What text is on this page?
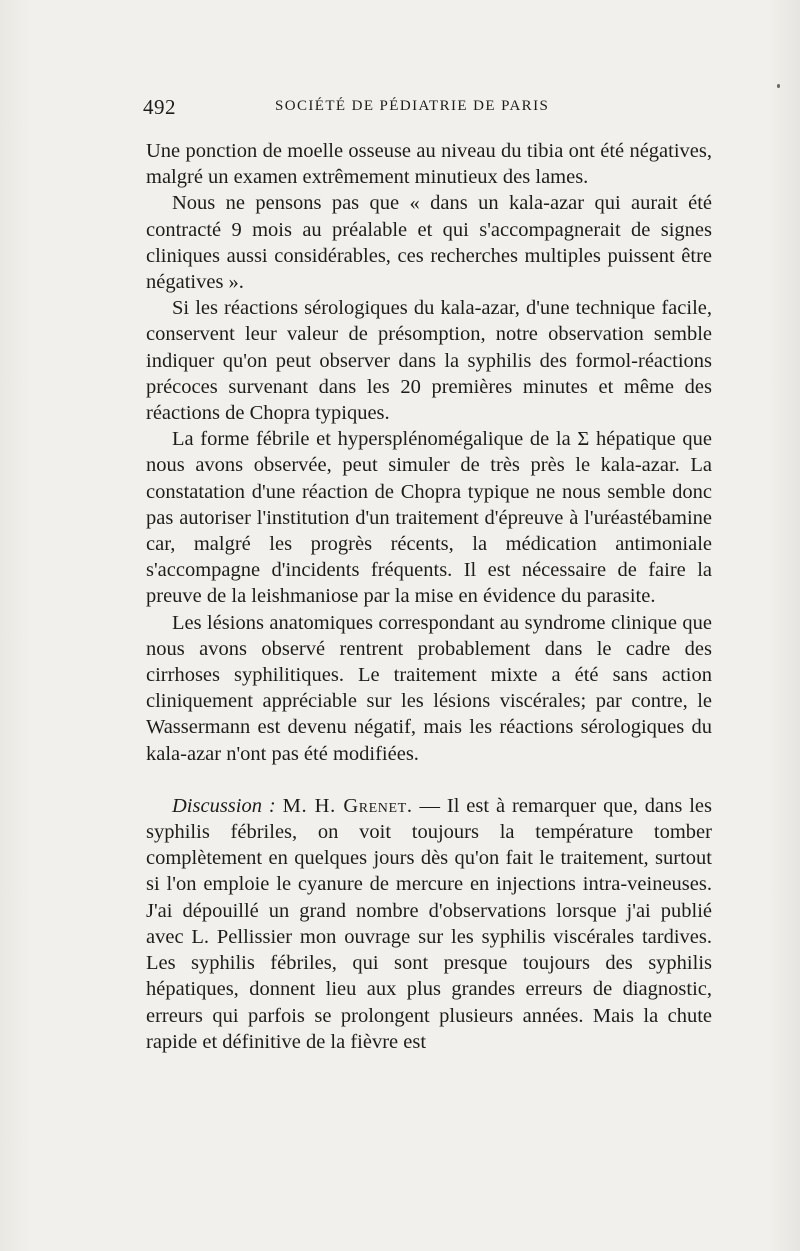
492	SOCIÉTÉ DE PÉDIATRIE DE PARIS

Une ponction de moelle osseuse au niveau du tibia ont été négatives, malgré un examen extrêmement minutieux des lames.

Nous ne pensons pas que « dans un kala-azar qui aurait été contracté 9 mois au préalable et qui s'accompagnerait de signes cliniques aussi considérables, ces recherches multiples puissent être négatives ».

Si les réactions sérologiques du kala-azar, d'une technique facile, conservent leur valeur de présomption, notre observation semble indiquer qu'on peut observer dans la syphilis des formol-réactions précoces survenant dans les 20 premières minutes et même des réactions de Chopra typiques.

La forme fébrile et hypersplénomégalique de la Σ hépatique que nous avons observée, peut simuler de très près le kala-azar. La constatation d'une réaction de Chopra typique ne nous semble donc pas autoriser l'institution d'un traitement d'épreuve à l'uréastébamine car, malgré les progrès récents, la médication antimoniale s'accompagne d'incidents fréquents. Il est nécessaire de faire la preuve de la leishmaniose par la mise en évidence du parasite.

Les lésions anatomiques correspondant au syndrome clinique que nous avons observé rentrent probablement dans le cadre des cirrhoses syphilitiques. Le traitement mixte a été sans action cliniquement appréciable sur les lésions viscérales; par contre, le Wassermann est devenu négatif, mais les réactions sérologiques du kala-azar n'ont pas été modifiées.

Discussion : M. H. Grenet. — Il est à remarquer que, dans les syphilis fébriles, on voit toujours la température tomber complètement en quelques jours dès qu'on fait le traitement, surtout si l'on emploie le cyanure de mercure en injections intra-veineuses. J'ai dépouillé un grand nombre d'observations lorsque j'ai publié avec L. Pellissier mon ouvrage sur les syphilis viscérales tardives. Les syphilis fébriles, qui sont presque toujours des syphilis hépatiques, donnent lieu aux plus grandes erreurs de diagnostic, erreurs qui parfois se prolongent plusieurs années. Mais la chute rapide et définitive de la fièvre est
